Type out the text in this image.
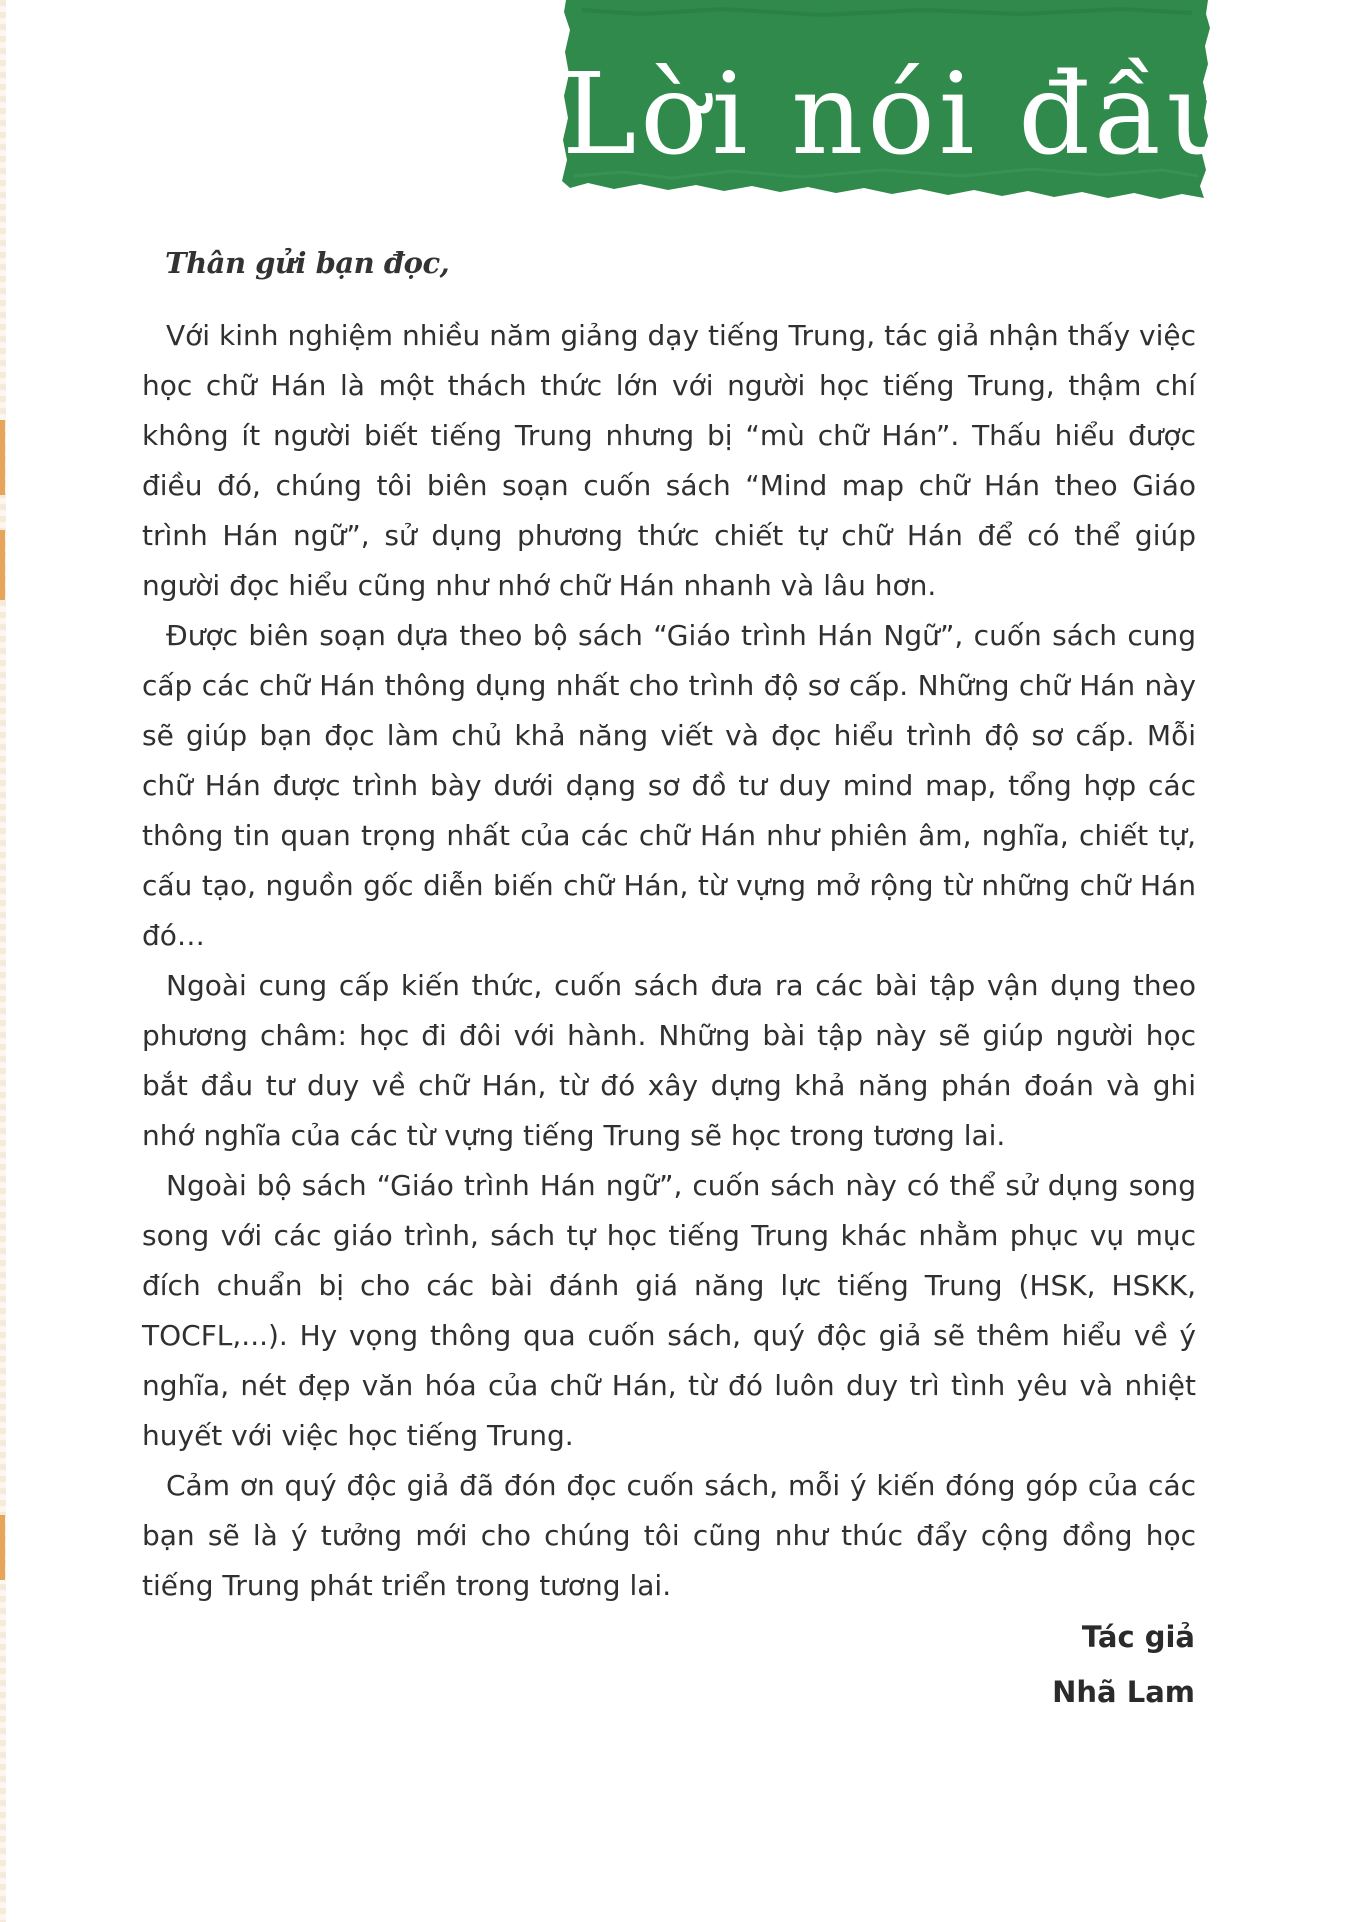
Lời nói đầu
Thân gửi bạn đọc,

Với kinh nghiệm nhiều năm giảng dạy tiếng Trung, tác giả nhận thấy việc học chữ Hán là một thách thức lớn với người học tiếng Trung, thậm chí không ít người biết tiếng Trung nhưng bị “mù chữ Hán”. Thấu hiểu được điều đó, chúng tôi biên soạn cuốn sách “Mind map chữ Hán theo Giáo trình Hán ngữ”, sử dụng phương thức chiết tự chữ Hán để có thể giúp người đọc hiểu cũng như nhớ chữ Hán nhanh và lâu hơn.

Được biên soạn dựa theo bộ sách “Giáo trình Hán Ngữ”, cuốn sách cung cấp các chữ Hán thông dụng nhất cho trình độ sơ cấp. Những chữ Hán này sẽ giúp bạn đọc làm chủ khả năng viết và đọc hiểu trình độ sơ cấp. Mỗi chữ Hán được trình bày dưới dạng sơ đồ tư duy mind map, tổng hợp các thông tin quan trọng nhất của các chữ Hán như phiên âm, nghĩa, chiết tự, cấu tạo, nguồn gốc diễn biến chữ Hán, từ vựng mở rộng từ những chữ Hán đó…

Ngoài cung cấp kiến thức, cuốn sách đưa ra các bài tập vận dụng theo phương châm: học đi đôi với hành. Những bài tập này sẽ giúp người học bắt đầu tư duy về chữ Hán, từ đó xây dựng khả năng phán đoán và ghi nhớ nghĩa của các từ vựng tiếng Trung sẽ học trong tương lai.

Ngoài bộ sách “Giáo trình Hán ngữ”, cuốn sách này có thể sử dụng song song với các giáo trình, sách tự học tiếng Trung khác nhằm phục vụ mục đích chuẩn bị cho các bài đánh giá năng lực tiếng Trung (HSK, HSKK, TOCFL,...). Hy vọng thông qua cuốn sách, quý độc giả sẽ thêm hiểu về ý nghĩa, nét đẹp văn hóa của chữ Hán, từ đó luôn duy trì tình yêu và nhiệt huyết với việc học tiếng Trung.

Cảm ơn quý độc giả đã đón đọc cuốn sách, mỗi ý kiến đóng góp của các bạn sẽ là ý tưởng mới cho chúng tôi cũng như thúc đẩy cộng đồng học tiếng Trung phát triển trong tương lai.

Tác giả
Nhã Lam
